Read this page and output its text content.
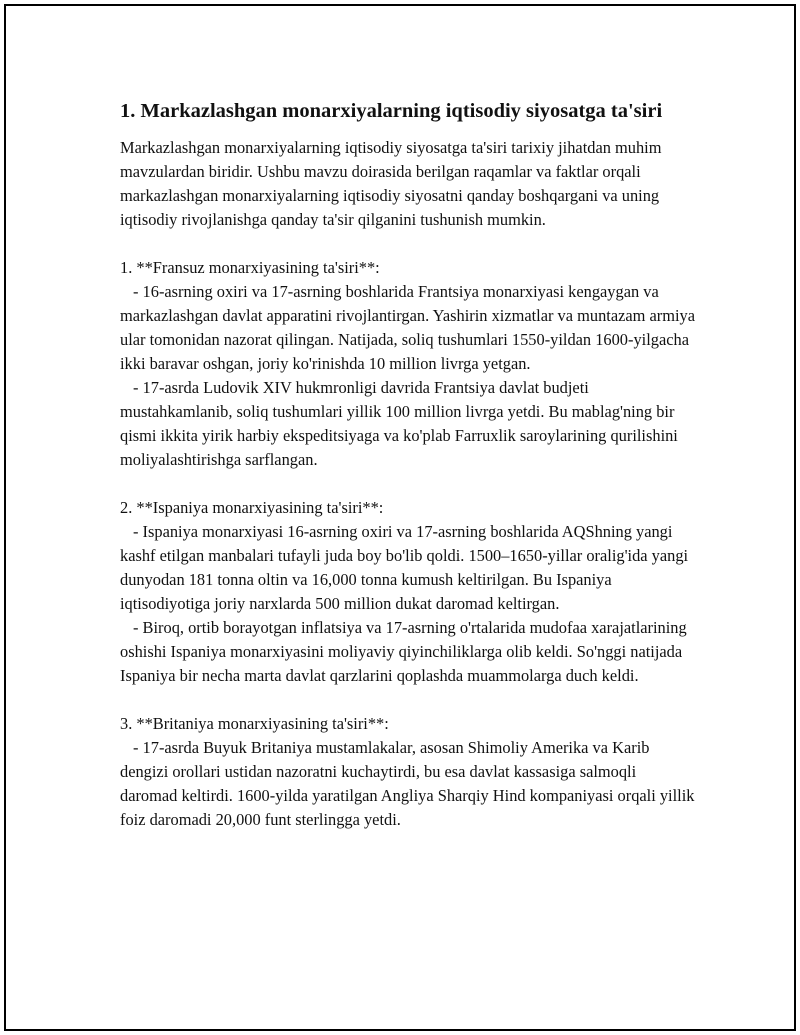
1. Markazlashgan monarxiyalarning iqtisodiy siyosatga ta'siri

Markazlashgan monarxiyalarning iqtisodiy siyosatga ta'siri tarixiy jihatdan muhim mavzulardan biridir. Ushbu mavzu doirasida berilgan raqamlar va faktlar orqali markazlashgan monarxiyalarning iqtisodiy siyosatni qanday boshqargani va uning iqtisodiy rivojlanishga qanday ta'sir qilganini tushunish mumkin.

1. **Fransuz monarxiyasining ta'siri**:

- 16-asrning oxiri va 17-asrning boshlarida Frantsiya monarxiyasi kengaygan va markazlashgan davlat apparatini rivojlantirgan. Yashirin xizmatlar va muntazam armiya ular tomonidan nazorat qilingan. Natijada, soliq tushumlari 1550-yildan 1600-yilgacha ikki baravar oshgan, joriy ko'rinishda 10 million livrga yetgan.

- 17-asrda Ludovik XIV hukmronligi davrida Frantsiya davlat budjeti mustahkamlanib, soliq tushumlari yillik 100 million livrga yetdi. Bu mablag'ning bir qismi ikkita yirik harbiy ekspeditsiyaga va ko'plab Farruxlik saroylarining qurilishini moliyalashtirishga sarflangan.

2. **Ispaniya monarxiyasining ta'siri**:

- Ispaniya monarxiyasi 16-asrning oxiri va 17-asrning boshlarida AQShning yangi kashf etilgan manbalari tufayli juda boy bo'lib qoldi. 1500–1650-yillar oralig'ida yangi dunyodan 181 tonna oltin va 16,000 tonna kumush keltirilgan. Bu Ispaniya iqtisodiyotiga joriy narxlarda 500 million dukat daromad keltirgan.

- Biroq, ortib borayotgan inflatsiya va 17-asrning o'rtalarida mudofaa xarajatlarining oshishi Ispaniya monarxiyasini moliyaviy qiyinchiliklarga olib keldi. So'nggi natijada Ispaniya bir necha marta davlat qarzlarini qoplashda muammolarga duch keldi.

3. **Britaniya monarxiyasining ta'siri**:

- 17-asrda Buyuk Britaniya mustamlakalar, asosan Shimoliy Amerika va Karib dengizi orollari ustidan nazoratni kuchaytirdi, bu esa davlat kassasiga salmoqli daromad keltirdi. 1600-yilda yaratilgan Angliya Sharqiy Hind kompaniyasi orqali yillik foiz daromadi 20,000 funt sterlingga yetdi.
